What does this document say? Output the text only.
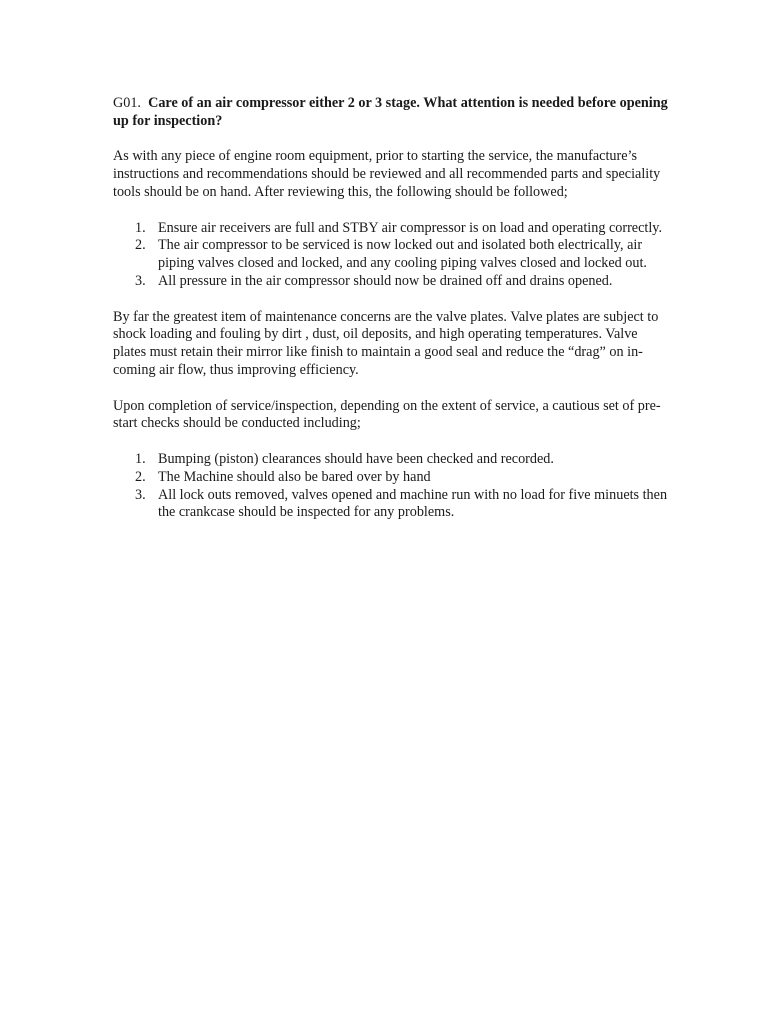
G01. Care of an air compressor either 2 or 3 stage. What attention is needed before opening up for inspection?

As with any piece of engine room equipment, prior to starting the service, the manufacture’s instructions and recommendations should be reviewed and all recommended parts and speciality tools should be on hand. After reviewing this, the following should be followed;

1. Ensure air receivers are full and STBY air compressor is on load and operating correctly.
2. The air compressor to be serviced is now locked out and isolated both electrically, air piping valves closed and locked, and any cooling piping valves closed and locked out.
3. All pressure in the air compressor should now be drained off and drains opened.

By far the greatest item of maintenance concerns are the valve plates. Valve plates are subject to shock loading and fouling by dirt , dust, oil deposits, and high operating temperatures. Valve plates must retain their mirror like finish to maintain a good seal and reduce the “drag” on in-coming air flow, thus improving efficiency.

Upon completion of service/inspection, depending on the extent of service, a cautious set of pre-start checks should be conducted including;

1. Bumping (piston) clearances should have been checked and recorded.
2. The Machine should also be bared over by hand
3. All lock outs removed, valves opened and machine run with no load for five minuets then the crankcase should be inspected for any problems.
